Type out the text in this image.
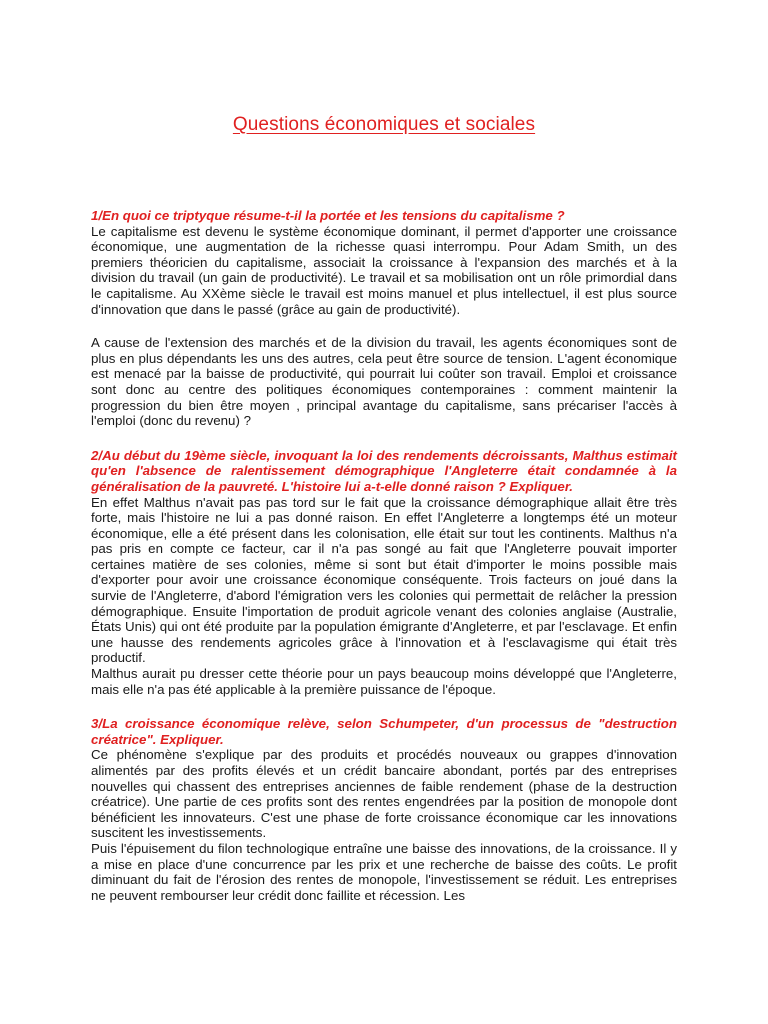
Questions économiques et sociales

1/En quoi ce triptyque résume-t-il la portée et les tensions du capitalisme ?

Le capitalisme est devenu le système économique dominant, il permet d'apporter une croissance économique, une augmentation de la richesse quasi interrompu. Pour Adam Smith, un des premiers théoricien du capitalisme, associait la croissance à l'expansion des marchés et à la division du travail (un gain de productivité). Le travail et sa mobilisation ont un rôle primordial dans le capitalisme. Au XXème siècle le travail est moins manuel et plus intellectuel, il est plus source d'innovation que dans le passé (grâce au gain de productivité).

A cause de l'extension des marchés et de la division du travail, les agents économiques sont de plus en plus dépendants les uns des autres, cela peut être source de tension. L'agent économique est menacé par la baisse de productivité, qui pourrait lui coûter son travail. Emploi et croissance sont donc au centre des politiques économiques contemporaines : comment maintenir la progression du bien être moyen , principal avantage du capitalisme, sans précariser l'accès à l'emploi (donc du revenu) ?

2/Au début du 19ème siècle, invoquant la loi des rendements décroissants, Malthus estimait qu'en l'absence de ralentissement démographique l'Angleterre était condamnée à la généralisation de la pauvreté. L'histoire lui a-t-elle donné raison ? Expliquer.

En effet Malthus n'avait pas pas tord sur le fait que la croissance démographique allait être très forte, mais l'histoire ne lui a pas donné raison. En effet l'Angleterre a longtemps été un moteur économique, elle a été présent dans les colonisation, elle était sur tout les continents. Malthus n'a pas pris en compte ce facteur, car il n'a pas songé au fait que l'Angleterre pouvait importer certaines matière de ses colonies, même si sont but était d'importer le moins possible mais d'exporter pour avoir une croissance économique conséquente. Trois facteurs on joué dans la survie de l'Angleterre, d'abord l'émigration vers les colonies qui permettait de relâcher la pression démographique. Ensuite l'importation de produit agricole venant des colonies anglaise (Australie, États Unis) qui ont été produite par la population émigrante d'Angleterre, et par l'esclavage. Et enfin une hausse des rendements agricoles grâce à l'innovation et à l'esclavagisme qui était très productif.

Malthus aurait pu dresser cette théorie pour un pays beaucoup moins développé que l'Angleterre, mais elle n'a pas été applicable à la première puissance de l'époque.

3/La croissance économique relève, selon Schumpeter, d'un processus de "destruction créatrice". Expliquer.

Ce phénomène s'explique par des produits et procédés nouveaux ou grappes d'innovation alimentés par des profits élevés et un crédit bancaire abondant, portés par des entreprises nouvelles qui chassent des entreprises anciennes de faible rendement (phase de la destruction créatrice). Une partie de ces profits sont des rentes engendrées par la position de monopole dont bénéficient les innovateurs. C'est une phase de forte croissance économique car les innovations suscitent les investissements.

Puis l'épuisement du filon technologique entraîne une baisse des innovations, de la croissance. Il y a mise en place d'une concurrence par les prix et une recherche de baisse des coûts. Le profit diminuant du fait de l'érosion des rentes de monopole, l'investissement se réduit. Les entreprises ne peuvent rembourser leur crédit donc faillite et récession. Les
